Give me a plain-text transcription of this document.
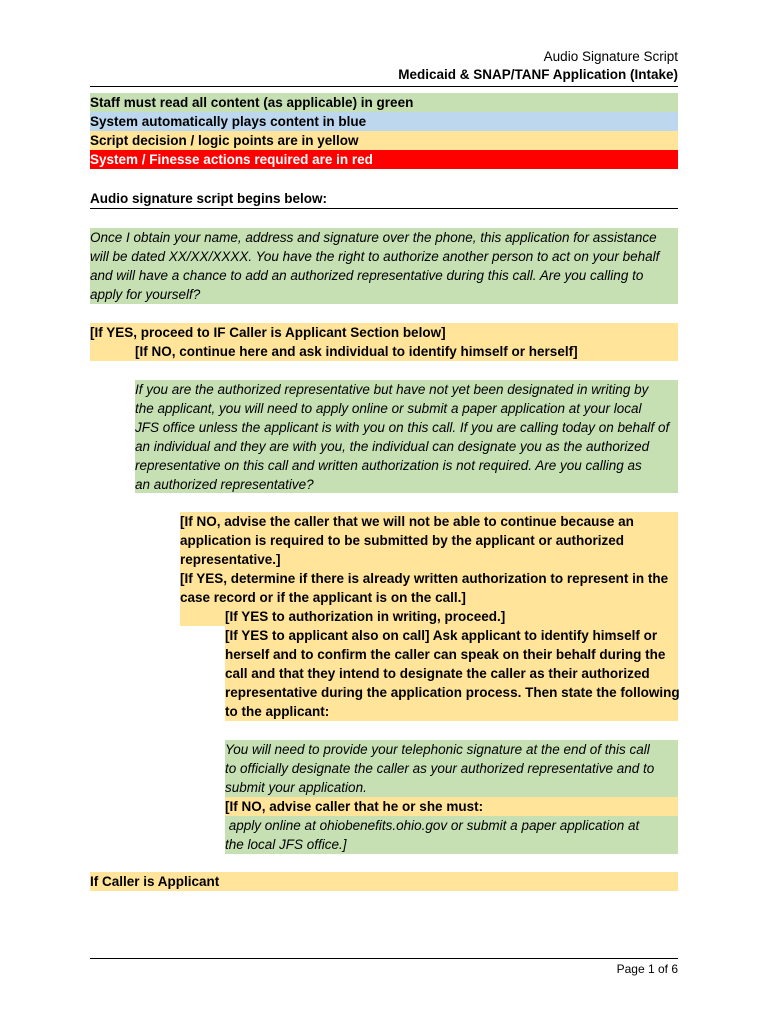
Audio Signature Script
Medicaid & SNAP/TANF Application (Intake)
Staff must read all content (as applicable) in green
System automatically plays content in blue
Script decision / logic points are in yellow
System / Finesse actions required are in red
Audio signature script begins below:
Once I obtain your name, address and signature over the phone, this application for assistance
will be dated XX/XX/XXXX. You have the right to authorize another person to act on your behalf
and will have a chance to add an authorized representative during this call. Are you calling to
apply for yourself?
[If YES, proceed to IF Caller is Applicant Section below]
[If NO, continue here and ask individual to identify himself or herself]
If you are the authorized representative but have not yet been designated in writing by
the applicant, you will need to apply online or submit a paper application at your local
JFS office unless the applicant is with you on this call. If you are calling today on behalf of
an individual and they are with you, the individual can designate you as the authorized
representative on this call and written authorization is not required. Are you calling as
an authorized representative?
[If NO, advise the caller that we will not be able to continue because an
application is required to be submitted by the applicant or authorized
representative.]
[If YES, determine if there is already written authorization to represent in the
case record or if the applicant is on the call.]
[If YES to authorization in writing, proceed.]
[If YES to applicant also on call] Ask applicant to identify himself or
herself and to confirm the caller can speak on their behalf during the
call and that they intend to designate the caller as their authorized
representative during the application process. Then state the following
to the applicant:
You will need to provide your telephonic signature at the end of this call
to officially designate the caller as your authorized representative and to
submit your application.
[If NO, advise caller that he or she must:
apply online at ohiobenefits.ohio.gov or submit a paper application at
the local JFS office.]
If Caller is Applicant
Page 1 of 6
